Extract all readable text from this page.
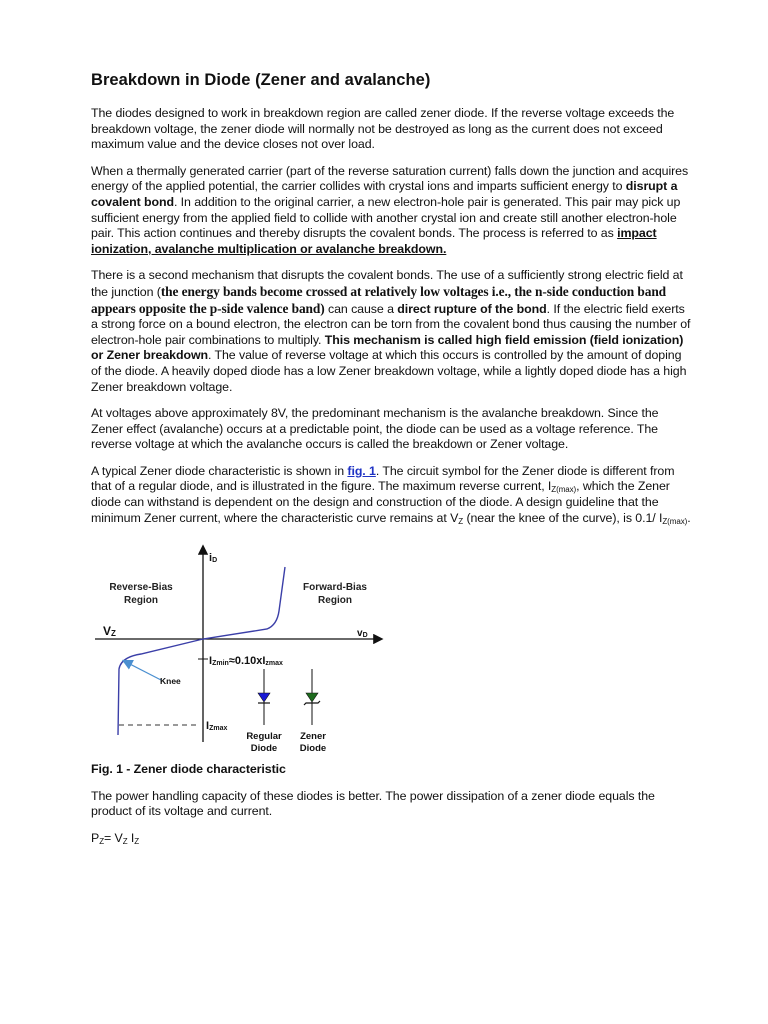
Breakdown in Diode (Zener and avalanche)

The diodes designed to work in breakdown region are called zener diode. If the reverse voltage exceeds the breakdown voltage, the zener diode will normally not be destroyed as long as the current does not exceed maximum value and the device closes not over load.

When a thermally generated carrier (part of the reverse saturation current) falls down the junction and acquires energy of the applied potential, the carrier collides with crystal ions and imparts sufficient energy to disrupt a covalent bond. In addition to the original carrier, a new electron-hole pair is generated. This pair may pick up sufficient energy from the applied field to collide with another crystal ion and create still another electron-hole pair. This action continues and thereby disrupts the covalent bonds. The process is referred to as impact ionization, avalanche multiplication or avalanche breakdown.

There is a second mechanism that disrupts the covalent bonds. The use of a sufficiently strong electric field at the junction (the energy bands become crossed at relatively low voltages i.e., the n-side conduction band appears opposite the p-side valence band) can cause a direct rupture of the bond. If the electric field exerts a strong force on a bound electron, the electron can be torn from the covalent bond thus causing the number of electron-hole pair combinations to multiply. This mechanism is called high field emission (field ionization) or Zener breakdown. The value of reverse voltage at which this occurs is controlled by the amount of doping of the diode. A heavily doped diode has a low Zener breakdown voltage, while a lightly doped diode has a high Zener breakdown voltage.

At voltages above approximately 8V, the predominant mechanism is the avalanche breakdown. Since the Zener effect (avalanche) occurs at a predictable point, the diode can be used as a voltage reference. The reverse voltage at which the avalanche occurs is called the breakdown or Zener voltage.

A typical Zener diode characteristic is shown in fig. 1. The circuit symbol for the Zener diode is different from that of a regular diode, and is illustrated in the figure. The maximum reverse current, $I_{Z(max)}$, which the Zener diode can withstand is dependent on the design and construction of the diode. A design guideline that the minimum Zener current, where the characteristic curve remains at $V_Z$ (near the knee of the curve), is 0.1/ $I_{Z(max)}$.

iD
vD
Reverse-Bias
Region
Forward-Bias
Region
VZ
IZmin≈0.10xIzmax
Knee
IZmax
Regular
Diode
Zener
Diode

Fig. 1 - Zener diode characteristic

The power handling capacity of these diodes is better. The power dissipation of a zener diode equals the product of its voltage and current.

$P_Z= V_Z$ $I_Z$
